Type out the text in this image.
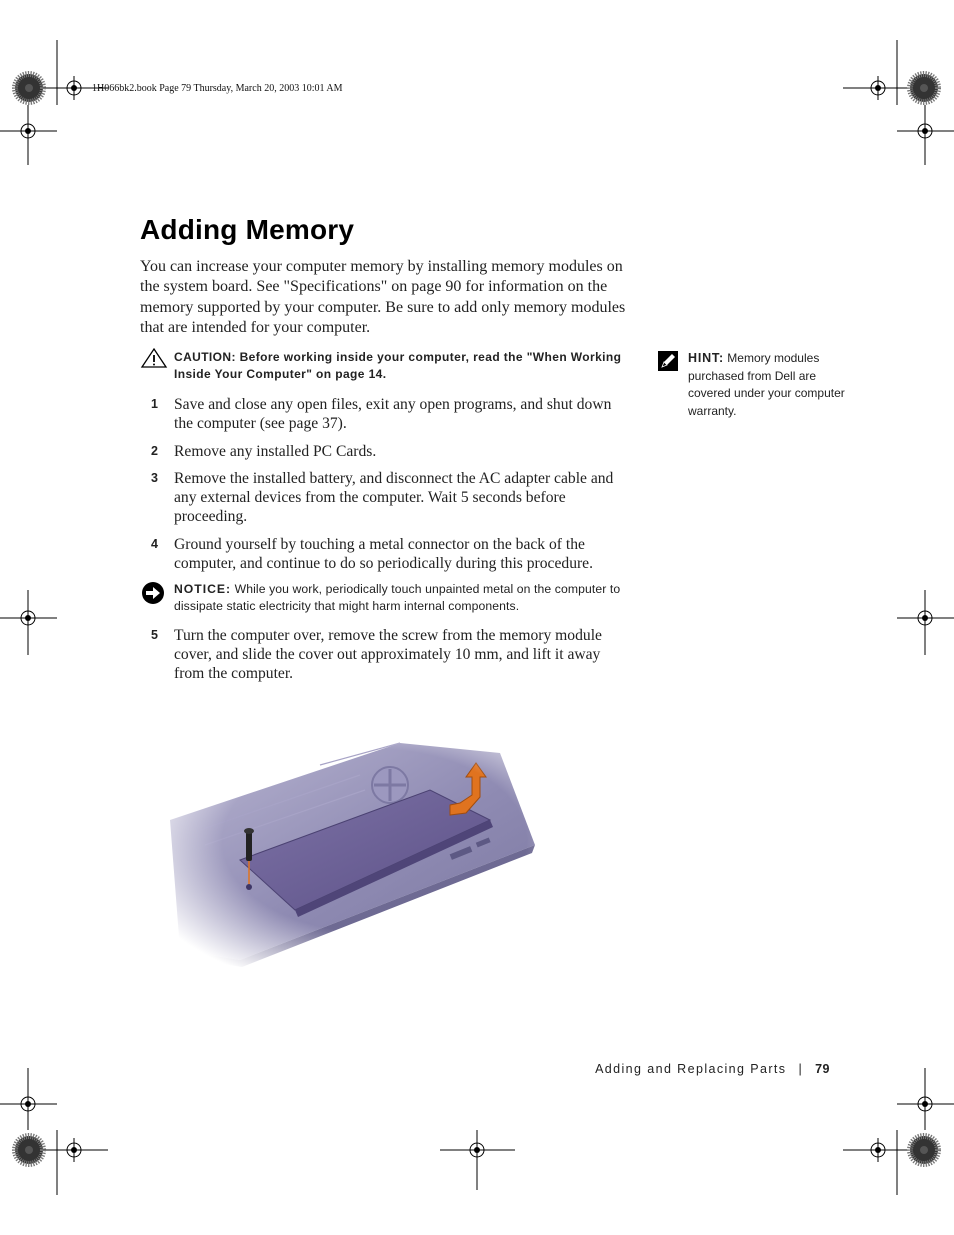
1H066bk2.book Page 79 Thursday, March 20, 2003 10:01 AM
Adding Memory

You can increase your computer memory by installing memory modules on the system board. See "Specifications" on page 90 for information on the memory supported by your computer. Be sure to add only memory modules that are intended for your computer.

CAUTION: Before working inside your computer, read the "When Working Inside Your Computer" on page 14.
HINT: Memory modules purchased from Dell are covered under your computer warranty.
1 Save and close any open files, exit any open programs, and shut down the computer (see page 37).
2 Remove any installed PC Cards.
3 Remove the installed battery, and disconnect the AC adapter cable and any external devices from the computer. Wait 5 seconds before proceeding.
4 Ground yourself by touching a metal connector on the back of the computer, and continue to do so periodically during this procedure.
NOTICE: While you work, periodically touch unpainted metal on the computer to dissipate static electricity that might harm internal components.
5 Turn the computer over, remove the screw from the memory module cover, and slide the cover out approximately 10 mm, and lift it away from the computer.
Adding and Replacing Parts | 79
